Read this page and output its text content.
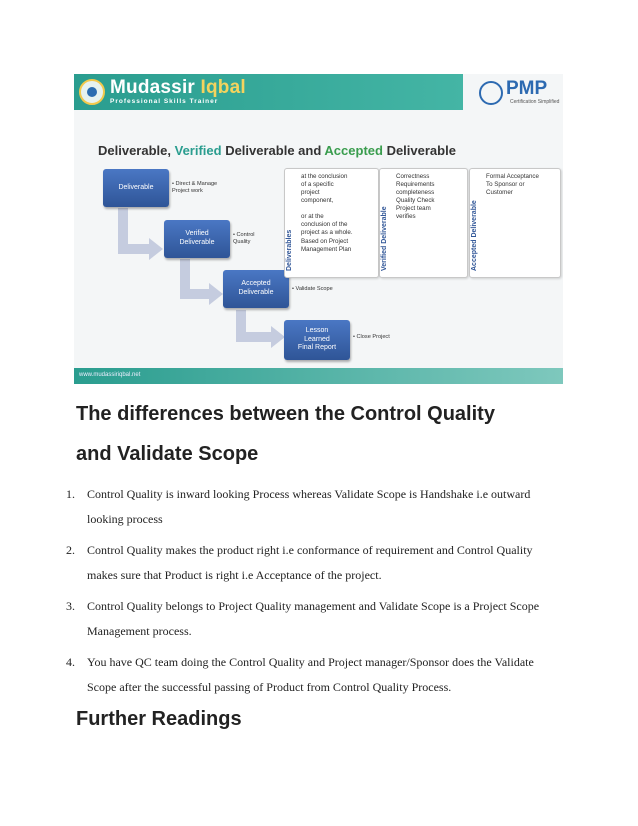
Mudassir Iqbal
Professional Skills Trainer
PMP
Certification Simplified
Deliverable, Verified Deliverable and Accepted Deliverable
Deliverable	• Direct & Manage
Project work
Verified
Deliverable
• Control
Quality
Accepted
Deliverable	• Validate Scope
Lesson
Learned
Final Report
• Close Project
Deliverables
at the conclusion
of a specific
project
component,

or at the
conclusion of the
project as a whole.
Based on Project
Management Plan	Verified Deliverable
Correctness
Requirements
completeness
Quality Check
Project team
verifies	Accepted Deliverable
Formal Acceptance
To Sponsor or
Customer
www.mudassiriqbal.net
The differences between the Control Quality
and Validate Scope
1. Control Quality is inward looking Process whereas Validate Scope is Handshake i.e outward looking process
2. Control Quality makes the product right i.e conformance of requirement and Control Quality makes sure that Product is right i.e Acceptance of the project.
3. Control Quality belongs to Project Quality management and Validate Scope is a Project Scope Management process.
4. You have QC team doing the Control Quality and Project manager/Sponsor does the Validate Scope after the successful passing of Product from Control Quality Process.
Further Readings
